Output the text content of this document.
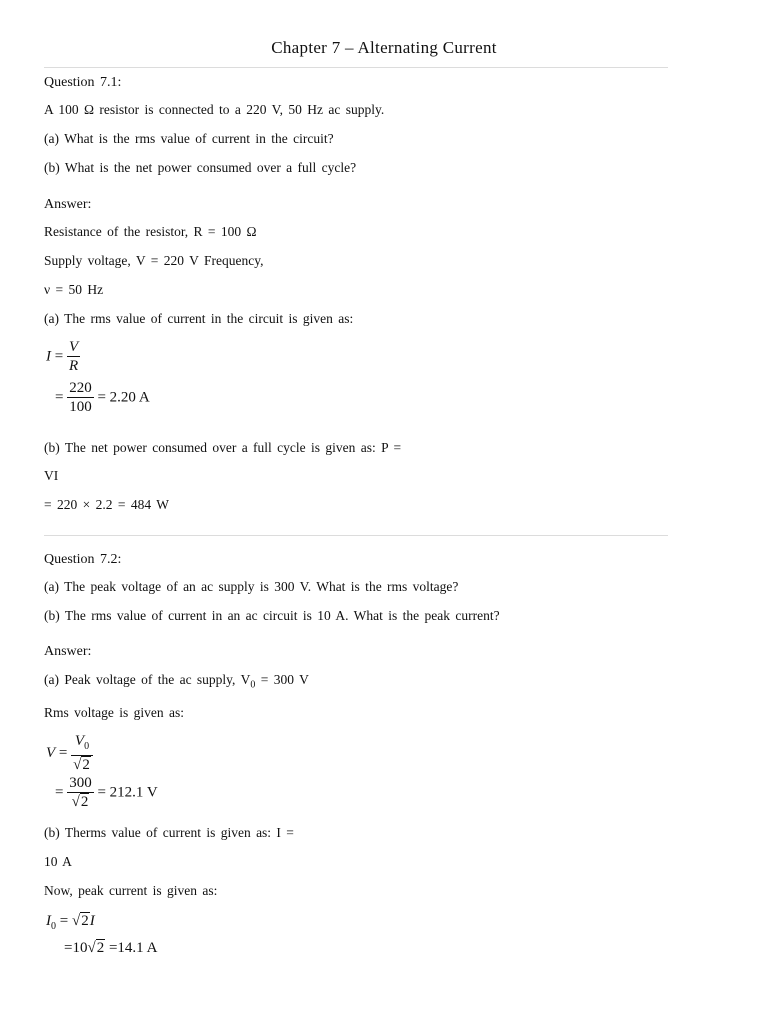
Chapter 7 – Alternating Current
Question 7.1:
A 100 Ω resistor is connected to a 220 V, 50 Hz ac supply.
(a) What is the rms value of current in the circuit?
(b) What is the net power consumed over a full cycle?
Answer:
Resistance of the resistor, R = 100 Ω
Supply voltage, V = 220 V Frequency,
ν = 50 Hz
(a) The rms value of current in the circuit is given as:
$I = \frac{V}{R}$
= $\frac{220}{100} = 2.20$ A
(b) The net power consumed over a full cycle is given as: P =
VI
= 220 × 2.2 = 484 W
Question 7.2:
(a) The peak voltage of an ac supply is 300 V. What is the rms voltage?
(b) The rms value of current in an ac circuit is 10 A. What is the peak current?
Answer:
(a) Peak voltage of the ac supply, $V_0 = 300$ V
Rms voltage is given as:
$V = \frac{V_0}{√2}$
= $\frac{300}{√2} = 212.1$ V
(b) Therms value of current is given as: I =
10 A
Now, peak current is given as:
$I_0 = √2I$
=10√2 =14.1 A
